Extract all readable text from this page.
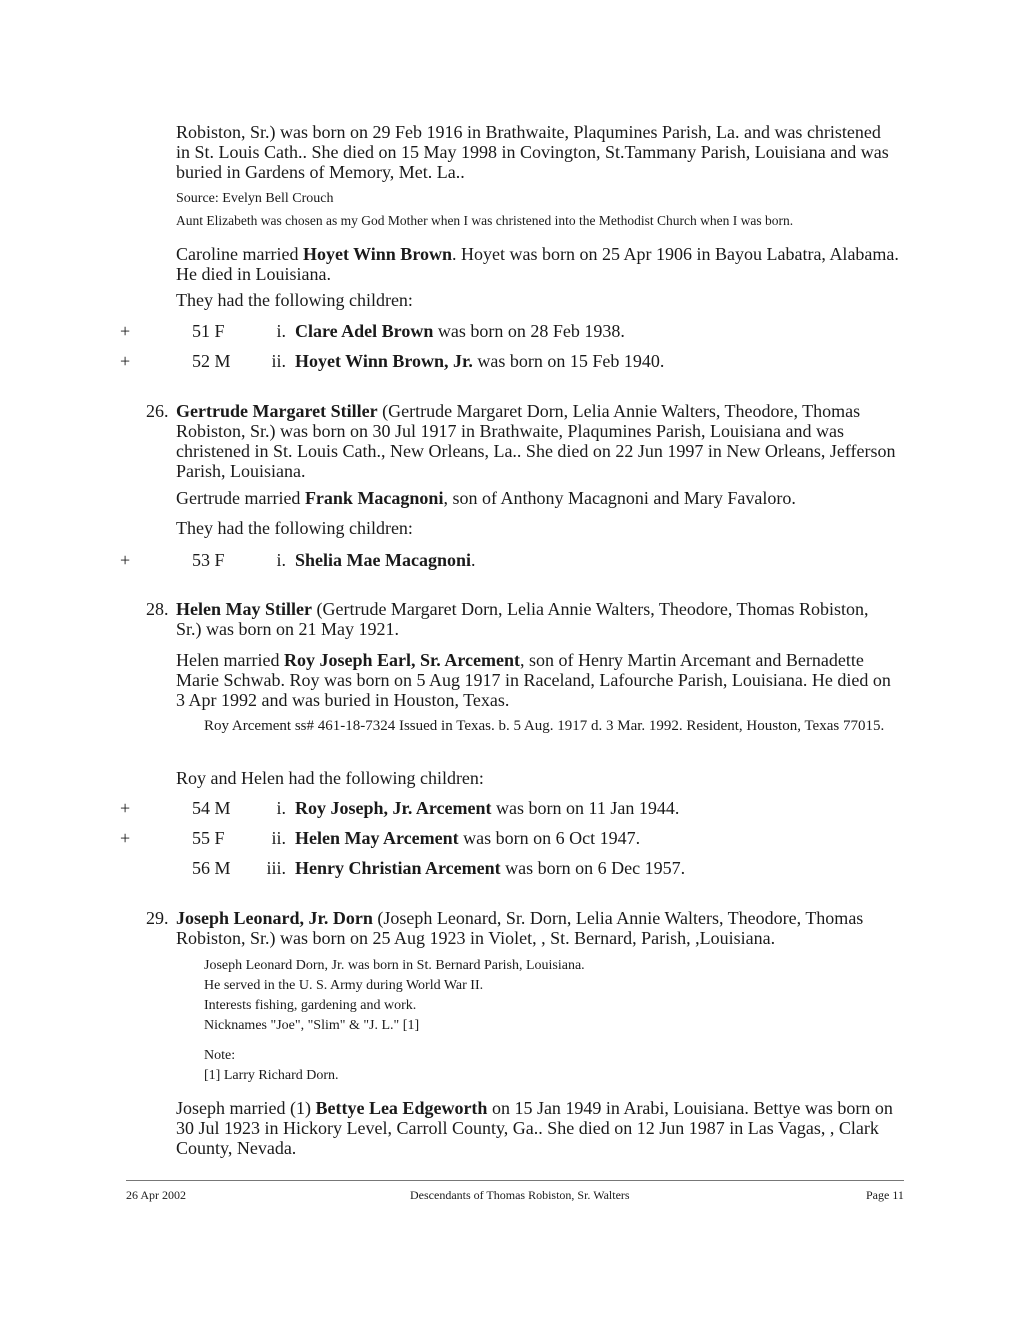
Robiston, Sr.) was born on 29 Feb 1916 in Brathwaite, Plaqumines Parish, La. and was christened in St. Louis Cath.. She died on 15 May 1998 in Covington, St.Tammany Parish, Louisiana and was buried in Gardens of Memory, Met. La..

Source: Evelyn Bell Crouch

Aunt Elizabeth was chosen as my God Mother when I was christened into the Methodist Church when I was born.

Caroline married Hoyet Winn Brown. Hoyet was born on 25 Apr 1906 in Bayou Labatra, Alabama. He died in Louisiana.

They had the following children:

+	51 F	i. Clare Adel Brown was born on 28 Feb 1938.
+	52 M	ii. Hoyet Winn Brown, Jr. was born on 15 Feb 1940.
26. Gertrude Margaret Stiller (Gertrude Margaret Dorn, Lelia Annie Walters, Theodore, Thomas Robiston, Sr.) was born on 30 Jul 1917 in Brathwaite, Plaqumines Parish, Louisiana and was christened in St. Louis Cath., New Orleans, La.. She died on 22 Jun 1997 in New Orleans, Jefferson Parish, Louisiana.

Gertrude married Frank Macagnoni, son of Anthony Macagnoni and Mary Favaloro.

They had the following children:

+	53 F	i. Shelia Mae Macagnoni.
28. Helen May Stiller (Gertrude Margaret Dorn, Lelia Annie Walters, Theodore, Thomas Robiston, Sr.) was born on 21 May 1921.

Helen married Roy Joseph Earl, Sr. Arcement, son of Henry Martin Arcemant and Bernadette Marie Schwab. Roy was born on 5 Aug 1917 in Raceland, Lafourche Parish, Louisiana. He died on 3 Apr 1992 and was buried in Houston, Texas.

Roy Arcement ss# 461-18-7324 Issued in Texas. b. 5 Aug. 1917 d. 3 Mar. 1992. Resident, Houston, Texas 77015.

Roy and Helen had the following children:

+	54 M	i. Roy Joseph, Jr. Arcement was born on 11 Jan 1944.
+	55 F	ii. Helen May Arcement was born on 6 Oct 1947.
56 M	iii. Henry Christian Arcement was born on 6 Dec 1957.
29. Joseph Leonard, Jr. Dorn (Joseph Leonard, Sr. Dorn, Lelia Annie Walters, Theodore, Thomas Robiston, Sr.) was born on 25 Aug 1923 in Violet, , St. Bernard, Parish, ,Louisiana.

Joseph Leonard Dorn, Jr. was born in St. Bernard Parish, Louisiana.

He served in the U. S. Army during World War II.

Interests fishing, gardening and work.

Nicknames "Joe", "Slim" & "J. L." [1]

Note:

[1] Larry Richard Dorn.

Joseph married (1) Bettye Lea Edgeworth on 15 Jan 1949 in Arabi, Louisiana. Bettye was born on 30 Jul 1923 in Hickory Level, Carroll County, Ga.. She died on 12 Jun 1987 in Las Vagas, , Clark County, Nevada.

26 Apr 2002	Descendants of Thomas Robiston, Sr. Walters	Page 11
